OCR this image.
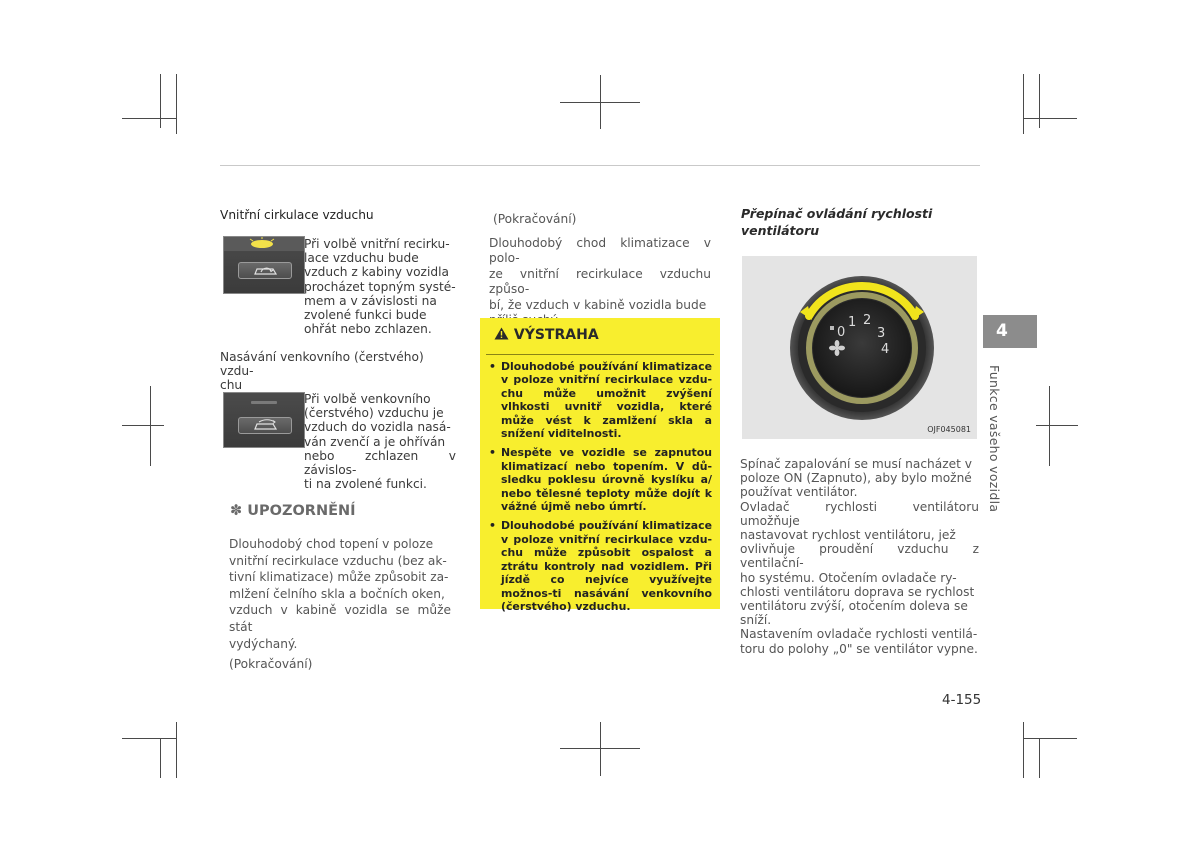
Vnitřní cirkulace vzduchu
Při volbě vnitřní recirku-
lace vzduchu bude
vzduch z kabiny vozidla
procházet topným systé-
mem a v závislosti na
zvolené funkci bude
ohřát nebo zchlazen.
Nasávání venkovního (čerstvého) vzdu-
chu
Při volbě venkovního
(čerstvého) vzduchu je
vzduch do vozidla nasá-
ván zvenčí a je ohříván
nebo zchlazen v závislos-
ti na zvolené funkci.
✽ UPOZORNĚNÍ
Dlouhodobý chod topení v poloze
vnitřní recirkulace vzduchu (bez ak-
tivní klimatizace) může způsobit za-
mlžení čelního skla a bočních oken,
vzduch v kabině vozidla se může stát
vydýchaný.
(Pokračování)
(Pokračování)
Dlouhodobý chod klimatizace v polo-
ze vnitřní recirkulace vzduchu způso-
bí, že vzduch v kabině vozidla bude
VÝSTRAHA
• Dlouhodobé používání klimatizace v poloze vnitřní recirkulace vzdu-chu může umožnit zvýšení vlhkosti uvnitř vozidla, které může vést k zamlžení skla a snížení viditelnosti.
• Nespěte ve vozidle se zapnutou klimatizací nebo topením. V dů-sledku poklesu úrovně kyslíku a/ nebo tělesné teploty může dojít k vážné újmě nebo úmrtí.
• Dlouhodobé používání klimatizace v poloze vnitřní recirkulace vzdu-chu může způsobit ospalost a ztrátu kontroly nad vozidlem. Při jízdě co nejvíce využívejte možnos-ti nasávání venkovního (čerstvého) vzduchu.
Přepínač ovládání rychlosti
ventilátoru
0
1 2
3
4
OJF045081
Spínač zapalování se musí nacházet v
poloze ON (Zapnuto), aby bylo možné
používat ventilátor.
Ovladač rychlosti ventilátoru umožňuje
nastavovat rychlost ventilátoru, jež
ovlivňuje proudění vzduchu z ventilační-
ho systému. Otočením ovladače ry-
chlosti ventilátoru doprava se rychlost
ventilátoru zvýší, otočením doleva se
sníží.
Nastavením ovladače rychlosti ventilá-
toru do polohy „0" se ventilátor vypne.
4
Funkce vašeho vozidla
4-155
